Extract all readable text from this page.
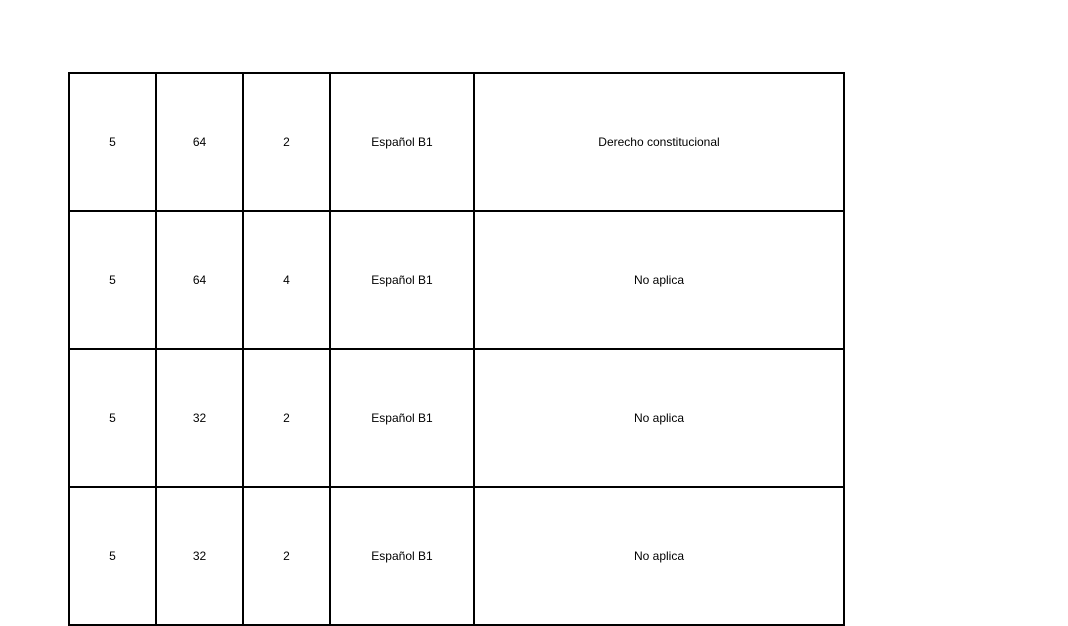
5	64	2	Español B1	Derecho constitucional
5	64	4	Español B1	No aplica
5	32	2	Español B1	No aplica
5	32	2	Español B1	No aplica
